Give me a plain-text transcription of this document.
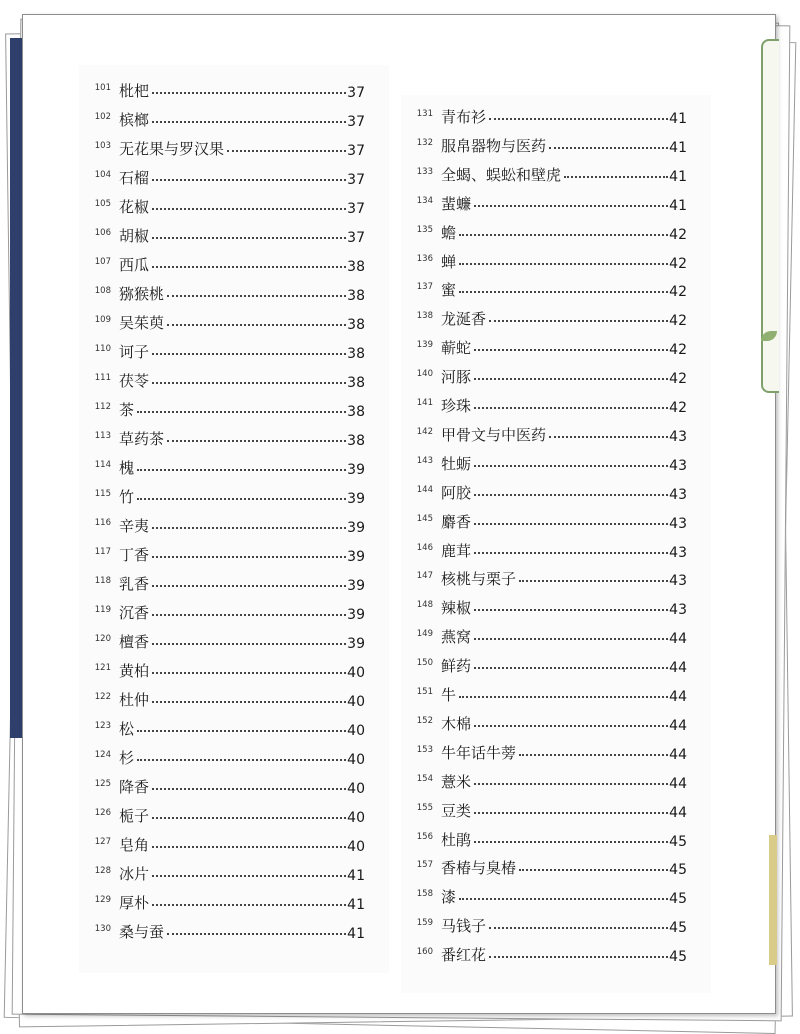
101 枇杷	37
102 槟榔	37
103 无花果与罗汉果	37
104 石榴	37
105 花椒	37
106 胡椒	37
107 西瓜	38
108 猕猴桃	38
109 吴茱萸	38
110 诃子	38
111 茯苓	38
112 茶	38
113 草药茶	38
114 槐	39
115 竹	39
116 辛夷	39
117 丁香	39
118 乳香	39
119 沉香	39
120 檀香	39
121 黄柏	40
122 杜仲	40
123 松	40
124 杉	40
125 降香	40
126 栀子	40
127 皂角	40
128 冰片	41
129 厚朴	41
130 桑与蚕	41
131 青布衫	41
132 服帛器物与医药	41
133 全蝎、蜈蚣和壁虎	41
134 蜚蠊	41
135 蟾	42
136 蝉	42
137 蜜	42
138 龙涎香	42
139 蕲蛇	42
140 河豚	42
141 珍珠	42
142 甲骨文与中医药	43
143 牡蛎	43
144 阿胶	43
145 麝香	43
146 鹿茸	43
147 核桃与栗子	43
148 辣椒	43
149 燕窝	44
150 鲜药	44
151 牛	44
152 木棉	44
153 牛年话牛蒡	44
154 薏米	44
155 豆类	44
156 杜鹃	45
157 香椿与臭椿	45
158 漆	45
159 马钱子	45
160 番红花	45
